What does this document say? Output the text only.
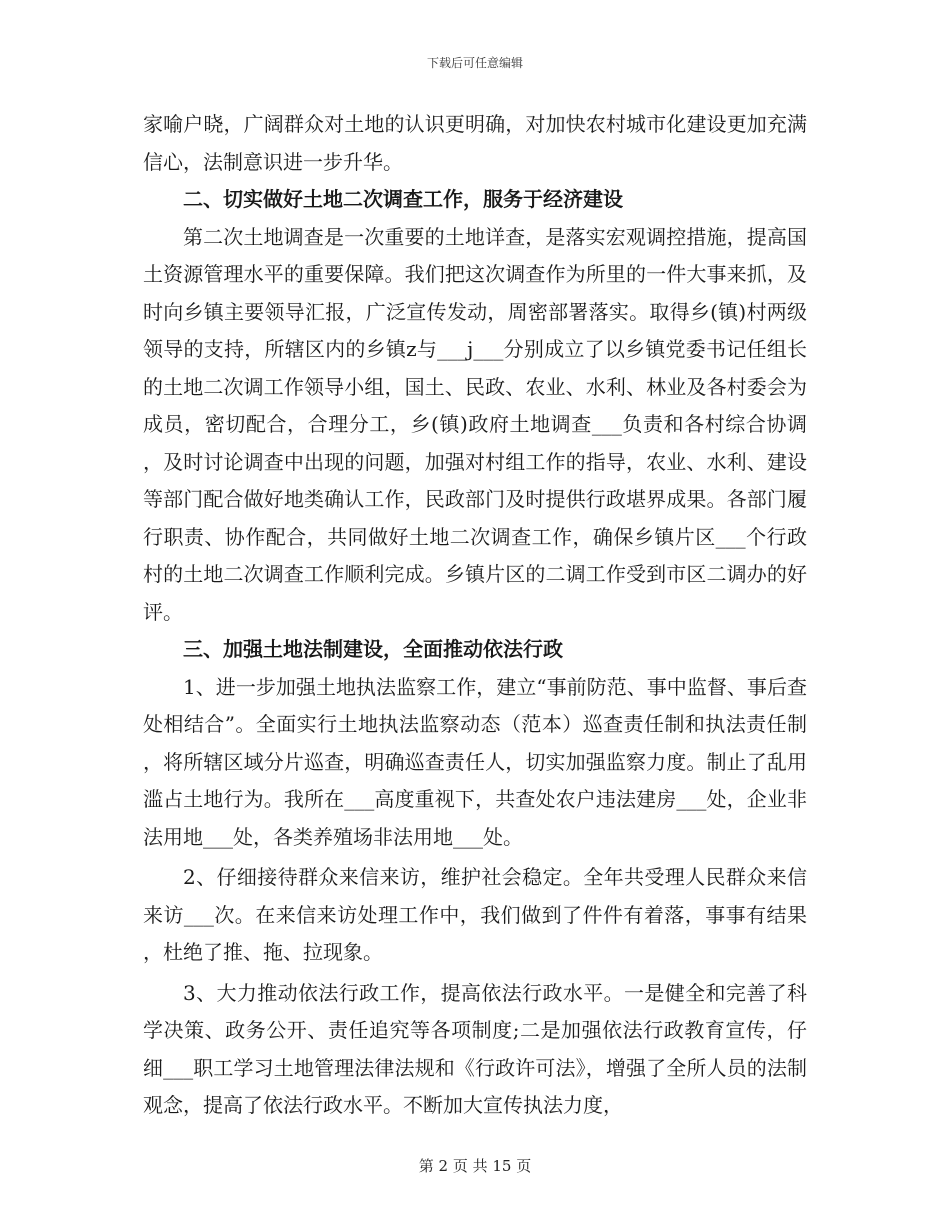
下载后可任意编辑

家喻户晓，广阔群众对土地的认识更明确，对加快农村城市化建设更加充满信心，法制意识进一步升华。

二、切实做好土地二次调查工作，服务于经济建设

第二次土地调查是一次重要的土地详查，是落实宏观调控措施，提高国土资源管理水平的重要保障。我们把这次调查作为所里的一件大事来抓，及时向乡镇主要领导汇报，广泛宣传发动，周密部署落实。取得乡(镇)村两级领导的支持，所辖区内的乡镇z与___j___分别成立了以乡镇党委书记任组长的土地二次调工作领导小组，国土、民政、农业、水利、林业及各村委会为成员，密切配合，合理分工，乡(镇)政府土地调查___负责和各村综合协调，及时讨论调查中出现的问题，加强对村组工作的指导，农业、水利、建设等部门配合做好地类确认工作，民政部门及时提供行政堪界成果。各部门履行职责、协作配合，共同做好土地二次调查工作，确保乡镇片区___个行政村的土地二次调查工作顺利完成。乡镇片区的二调工作受到市区二调办的好评。

三、加强土地法制建设，全面推动依法行政

1、进一步加强土地执法监察工作，建立“事前防范、事中监督、事后查处相结合”。全面实行土地执法监察动态（范本）巡查责任制和执法责任制，将所辖区域分片巡查，明确巡查责任人，切实加强监察力度。制止了乱用滥占土地行为。我所在___高度重视下，共查处农户违法建房___处，企业非法用地___处，各类养殖场非法用地___处。

2、仔细接待群众来信来访，维护社会稳定。全年共受理人民群众来信来访___次。在来信来访处理工作中，我们做到了件件有着落，事事有结果，杜绝了推、拖、拉现象。

3、大力推动依法行政工作，提高依法行政水平。一是健全和完善了科学决策、政务公开、责任追究等各项制度;二是加强依法行政教育宣传，仔细___职工学习土地管理法律法规和《行政许可法》，增强了全所人员的法制观念，提高了依法行政水平。不断加大宣传执法力度，

第 2 页 共 15 页
